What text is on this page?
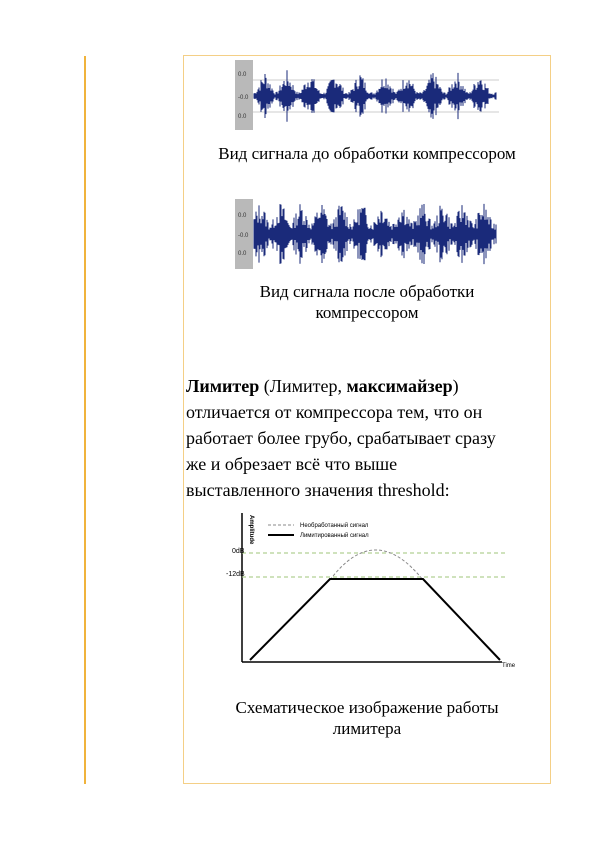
0.0
-0.0
0.0
Вид сигнала до обработки компрессором
0.0
-0.0
0.0
Вид сигнала после обработки
компрессором
Лимитер (Лимитер, максимайзер)
отличается от компрессора тем, что он
работает более грубо, срабатывает сразу
же и обрезает всё что выше
выставленного значения threshold:
Amplitude
Time
0dB
-12dB
Необработанный сигнал
Лимитированный сигнал
Схематическое изображение работы
лимитера
